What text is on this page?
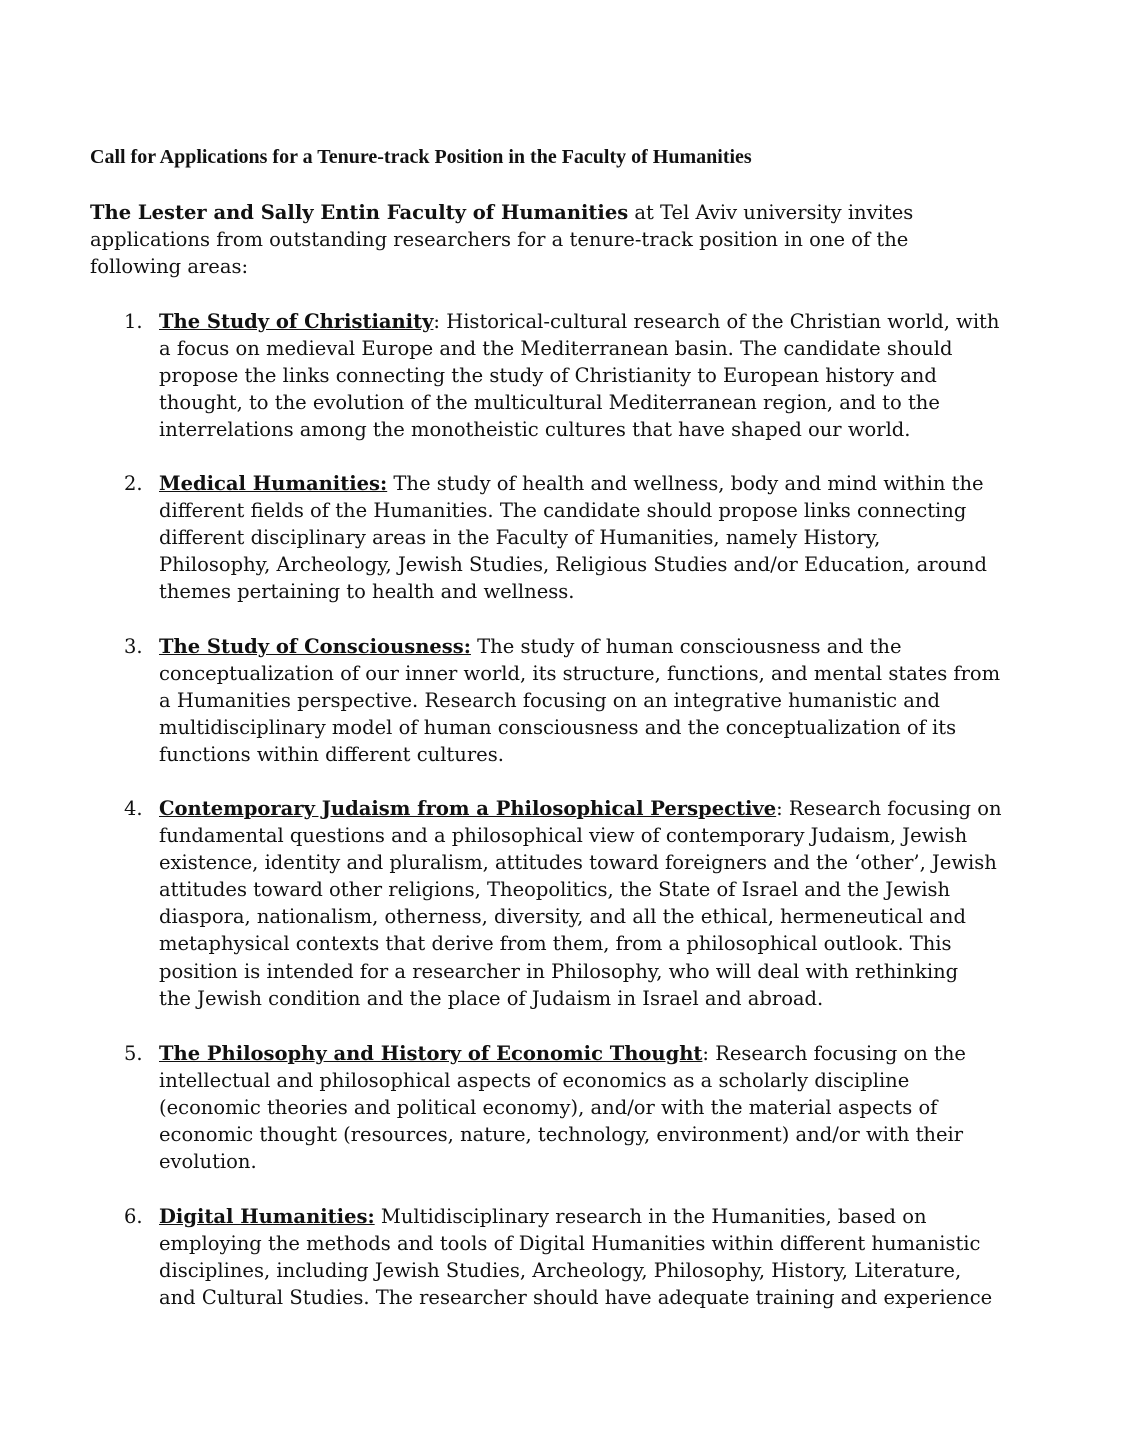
Call for Applications for a Tenure-track Position in the Faculty of Humanities
The Lester and Sally Entin Faculty of Humanities at Tel Aviv university invites
applications from outstanding researchers for a tenure-track position in one of the
following areas:
1. The Study of Christianity: Historical-cultural research of the Christian world, with
a focus on medieval Europe and the Mediterranean basin. The candidate should
propose the links connecting the study of Christianity to European history and
thought, to the evolution of the multicultural Mediterranean region, and to the
interrelations among the monotheistic cultures that have shaped our world.
2. Medical Humanities: The study of health and wellness, body and mind within the
different fields of the Humanities. The candidate should propose links connecting
different disciplinary areas in the Faculty of Humanities, namely History,
Philosophy, Archeology, Jewish Studies, Religious Studies and/or Education, around
themes pertaining to health and wellness.
3. The Study of Consciousness: The study of human consciousness and the
conceptualization of our inner world, its structure, functions, and mental states from
a Humanities perspective. Research focusing on an integrative humanistic and
multidisciplinary model of human consciousness and the conceptualization of its
functions within different cultures.
4. Contemporary Judaism from a Philosophical Perspective: Research focusing on
fundamental questions and a philosophical view of contemporary Judaism, Jewish
existence, identity and pluralism, attitudes toward foreigners and the ‘other’, Jewish
attitudes toward other religions, Theopolitics, the State of Israel and the Jewish
diaspora, nationalism, otherness, diversity, and all the ethical, hermeneutical and
metaphysical contexts that derive from them, from a philosophical outlook. This
position is intended for a researcher in Philosophy, who will deal with rethinking
the Jewish condition and the place of Judaism in Israel and abroad.
5. The Philosophy and History of Economic Thought: Research focusing on the
intellectual and philosophical aspects of economics as a scholarly discipline
(economic theories and political economy), and/or with the material aspects of
economic thought (resources, nature, technology, environment) and/or with their
evolution.
6. Digital Humanities: Multidisciplinary research in the Humanities, based on
employing the methods and tools of Digital Humanities within different humanistic
disciplines, including Jewish Studies, Archeology, Philosophy, History, Literature,
and Cultural Studies. The researcher should have adequate training and experience
